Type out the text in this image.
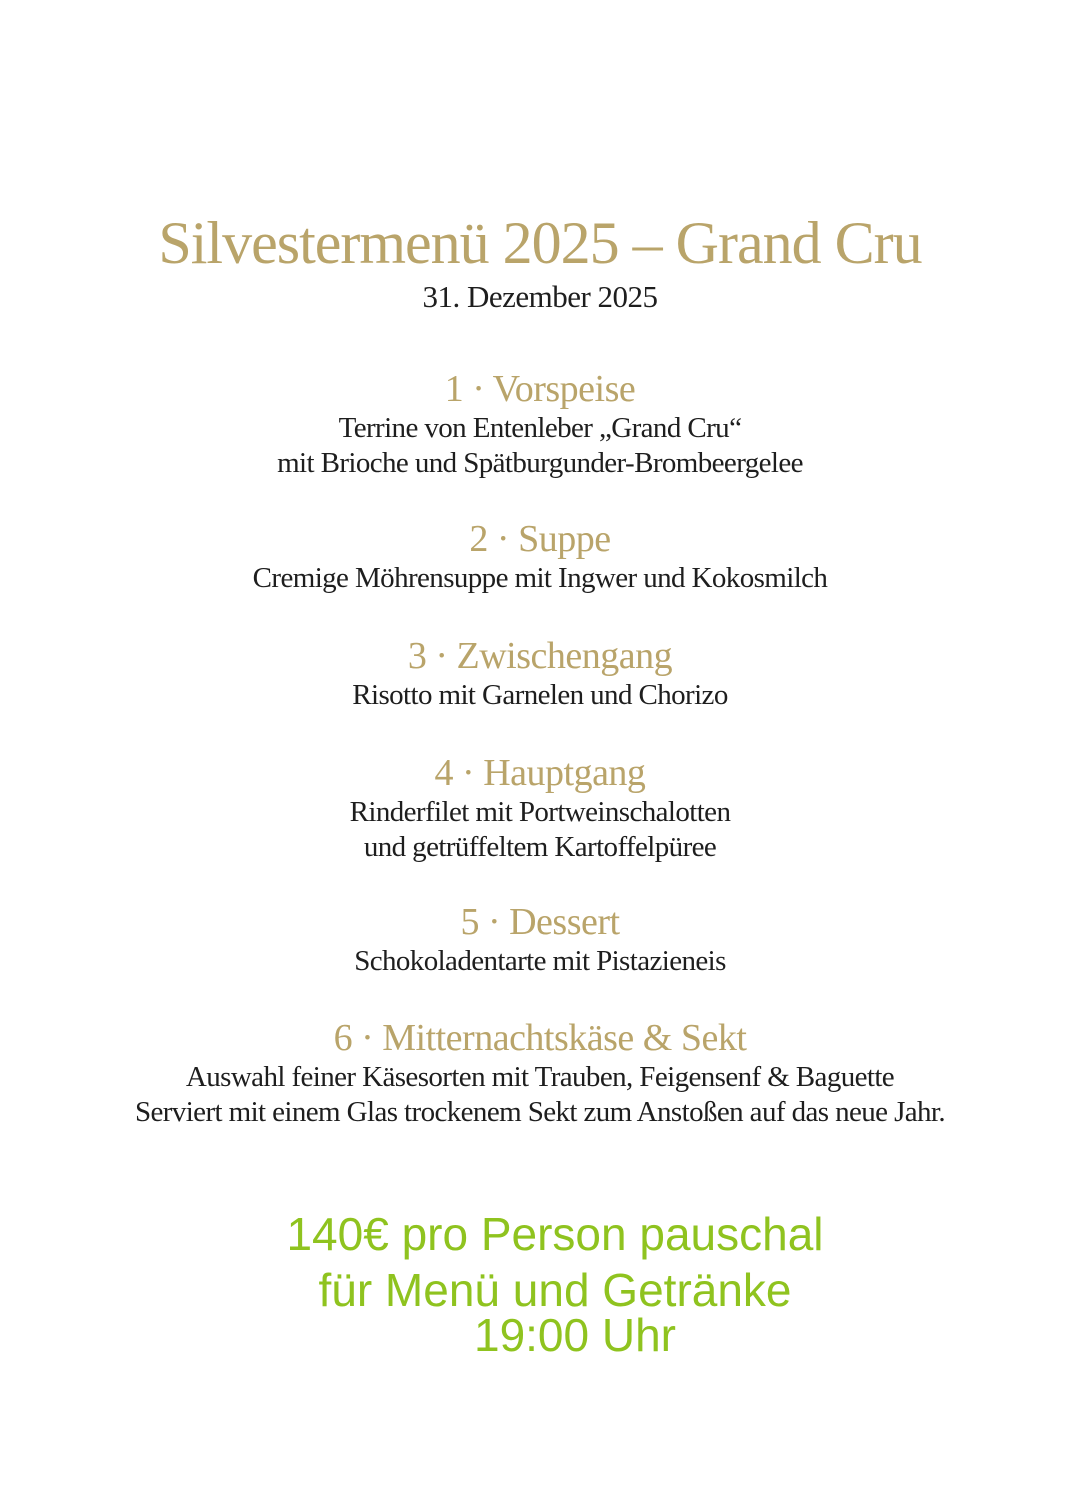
Silvestermenü 2025 – Grand Cru
31. Dezember 2025
1 · Vorspeise
Terrine von Entenleber „Grand Cru“
mit Brioche und Spätburgunder-Brombeergelee
2 · Suppe
Cremige Möhrensuppe mit Ingwer und Kokosmilch
3 · Zwischengang
Risotto mit Garnelen und Chorizo
4 · Hauptgang
Rinderfilet mit Portweinschalotten
und getrüffeltem Kartoffelpüree
5 · Dessert
Schokoladentarte mit Pistazieneis
6 · Mitternachtskäse & Sekt
Auswahl feiner Käsesorten mit Trauben, Feigensenf & Baguette
Serviert mit einem Glas trockenem Sekt zum Anstoßen auf das neue Jahr.
140€ pro Person pauschal
für Menü und Getränke
19:00 Uhr
